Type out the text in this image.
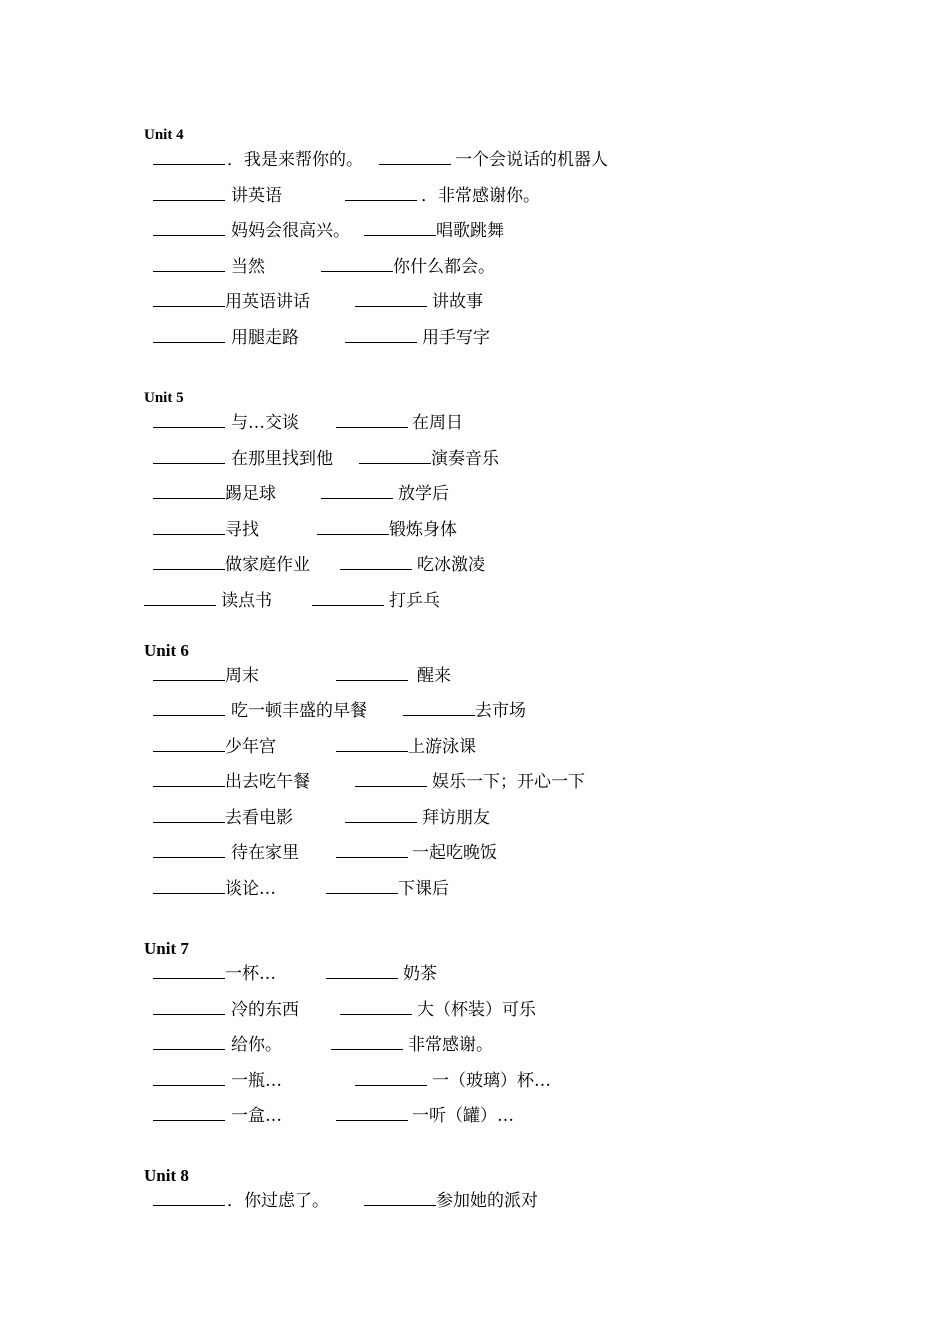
Unit 4
．我是来帮你的。	一个会说话的机器人
讲英语	．非常感谢你。
妈妈会很高兴。	唱歌跳舞
当然	你什么都会。
用英语讲话	讲故事
用腿走路	用手写字
Unit 5
与…交谈	在周日
在那里找到他	演奏音乐
踢足球	放学后
寻找	锻炼身体
做家庭作业	吃冰激凌
读点书	打乒乓
Unit 6
周末	醒来
吃一顿丰盛的早餐	去市场
少年宫	上游泳课
出去吃午餐	娱乐一下；开心一下
去看电影	拜访朋友
待在家里	一起吃晚饭
谈论…	下课后
Unit 7
一杯…	奶茶
冷的东西	大（杯装）可乐
给你。	非常感谢。
一瓶…	一（玻璃）杯…
一盒…	一听（罐）…
Unit 8
．你过虑了。	参加她的派对
